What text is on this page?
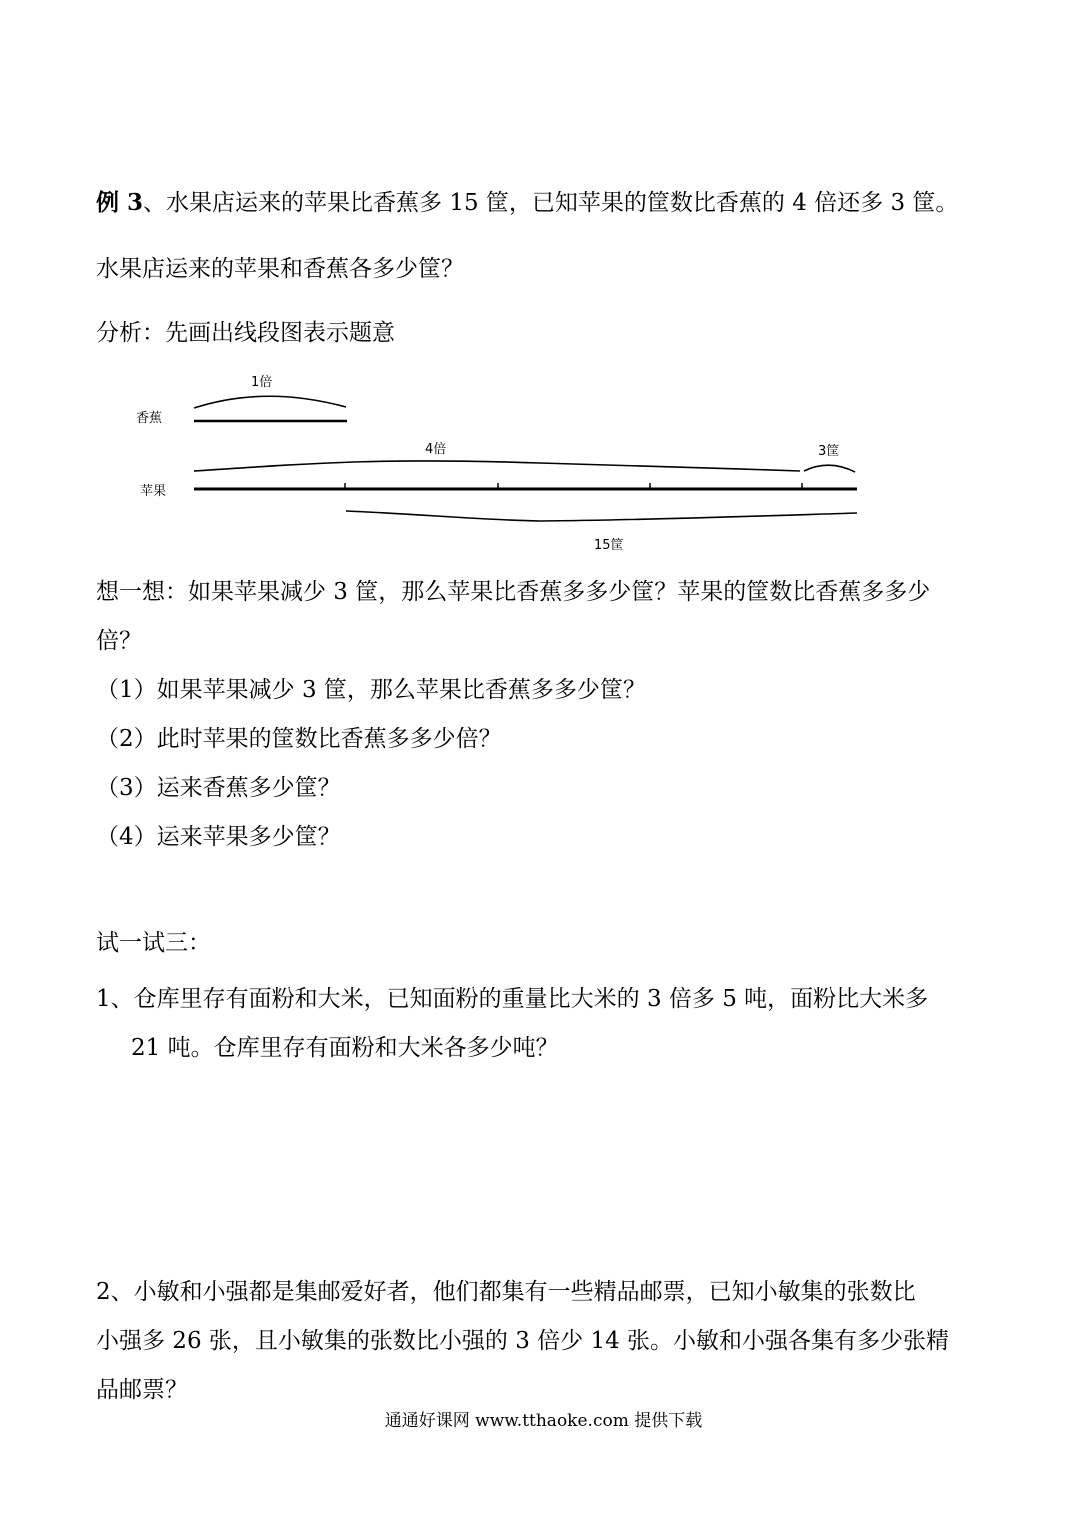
例 3、水果店运来的苹果比香蕉多 15 筐，已知苹果的筐数比香蕉的 4 倍还多 3 筐。
水果店运来的苹果和香蕉各多少筐？
分析：先画出线段图表示题意
1倍
香蕉
4倍	3筐
苹果
15筐
想一想：如果苹果减少 3 筐，那么苹果比香蕉多多少筐？苹果的筐数比香蕉多多少
倍？
（1）如果苹果减少 3 筐，那么苹果比香蕉多多少筐？
（2）此时苹果的筐数比香蕉多多少倍？
（3）运来香蕉多少筐？
（4）运来苹果多少筐？
试一试三：
1、仓库里存有面粉和大米，已知面粉的重量比大米的 3 倍多 5 吨，面粉比大米多
21 吨。仓库里存有面粉和大米各多少吨？
2、小敏和小强都是集邮爱好者，他们都集有一些精品邮票，已知小敏集的张数比
小强多 26 张，且小敏集的张数比小强的 3 倍少 14 张。小敏和小强各集有多少张精
品邮票？
通通好课网 www.tthaoke.com 提供下载
